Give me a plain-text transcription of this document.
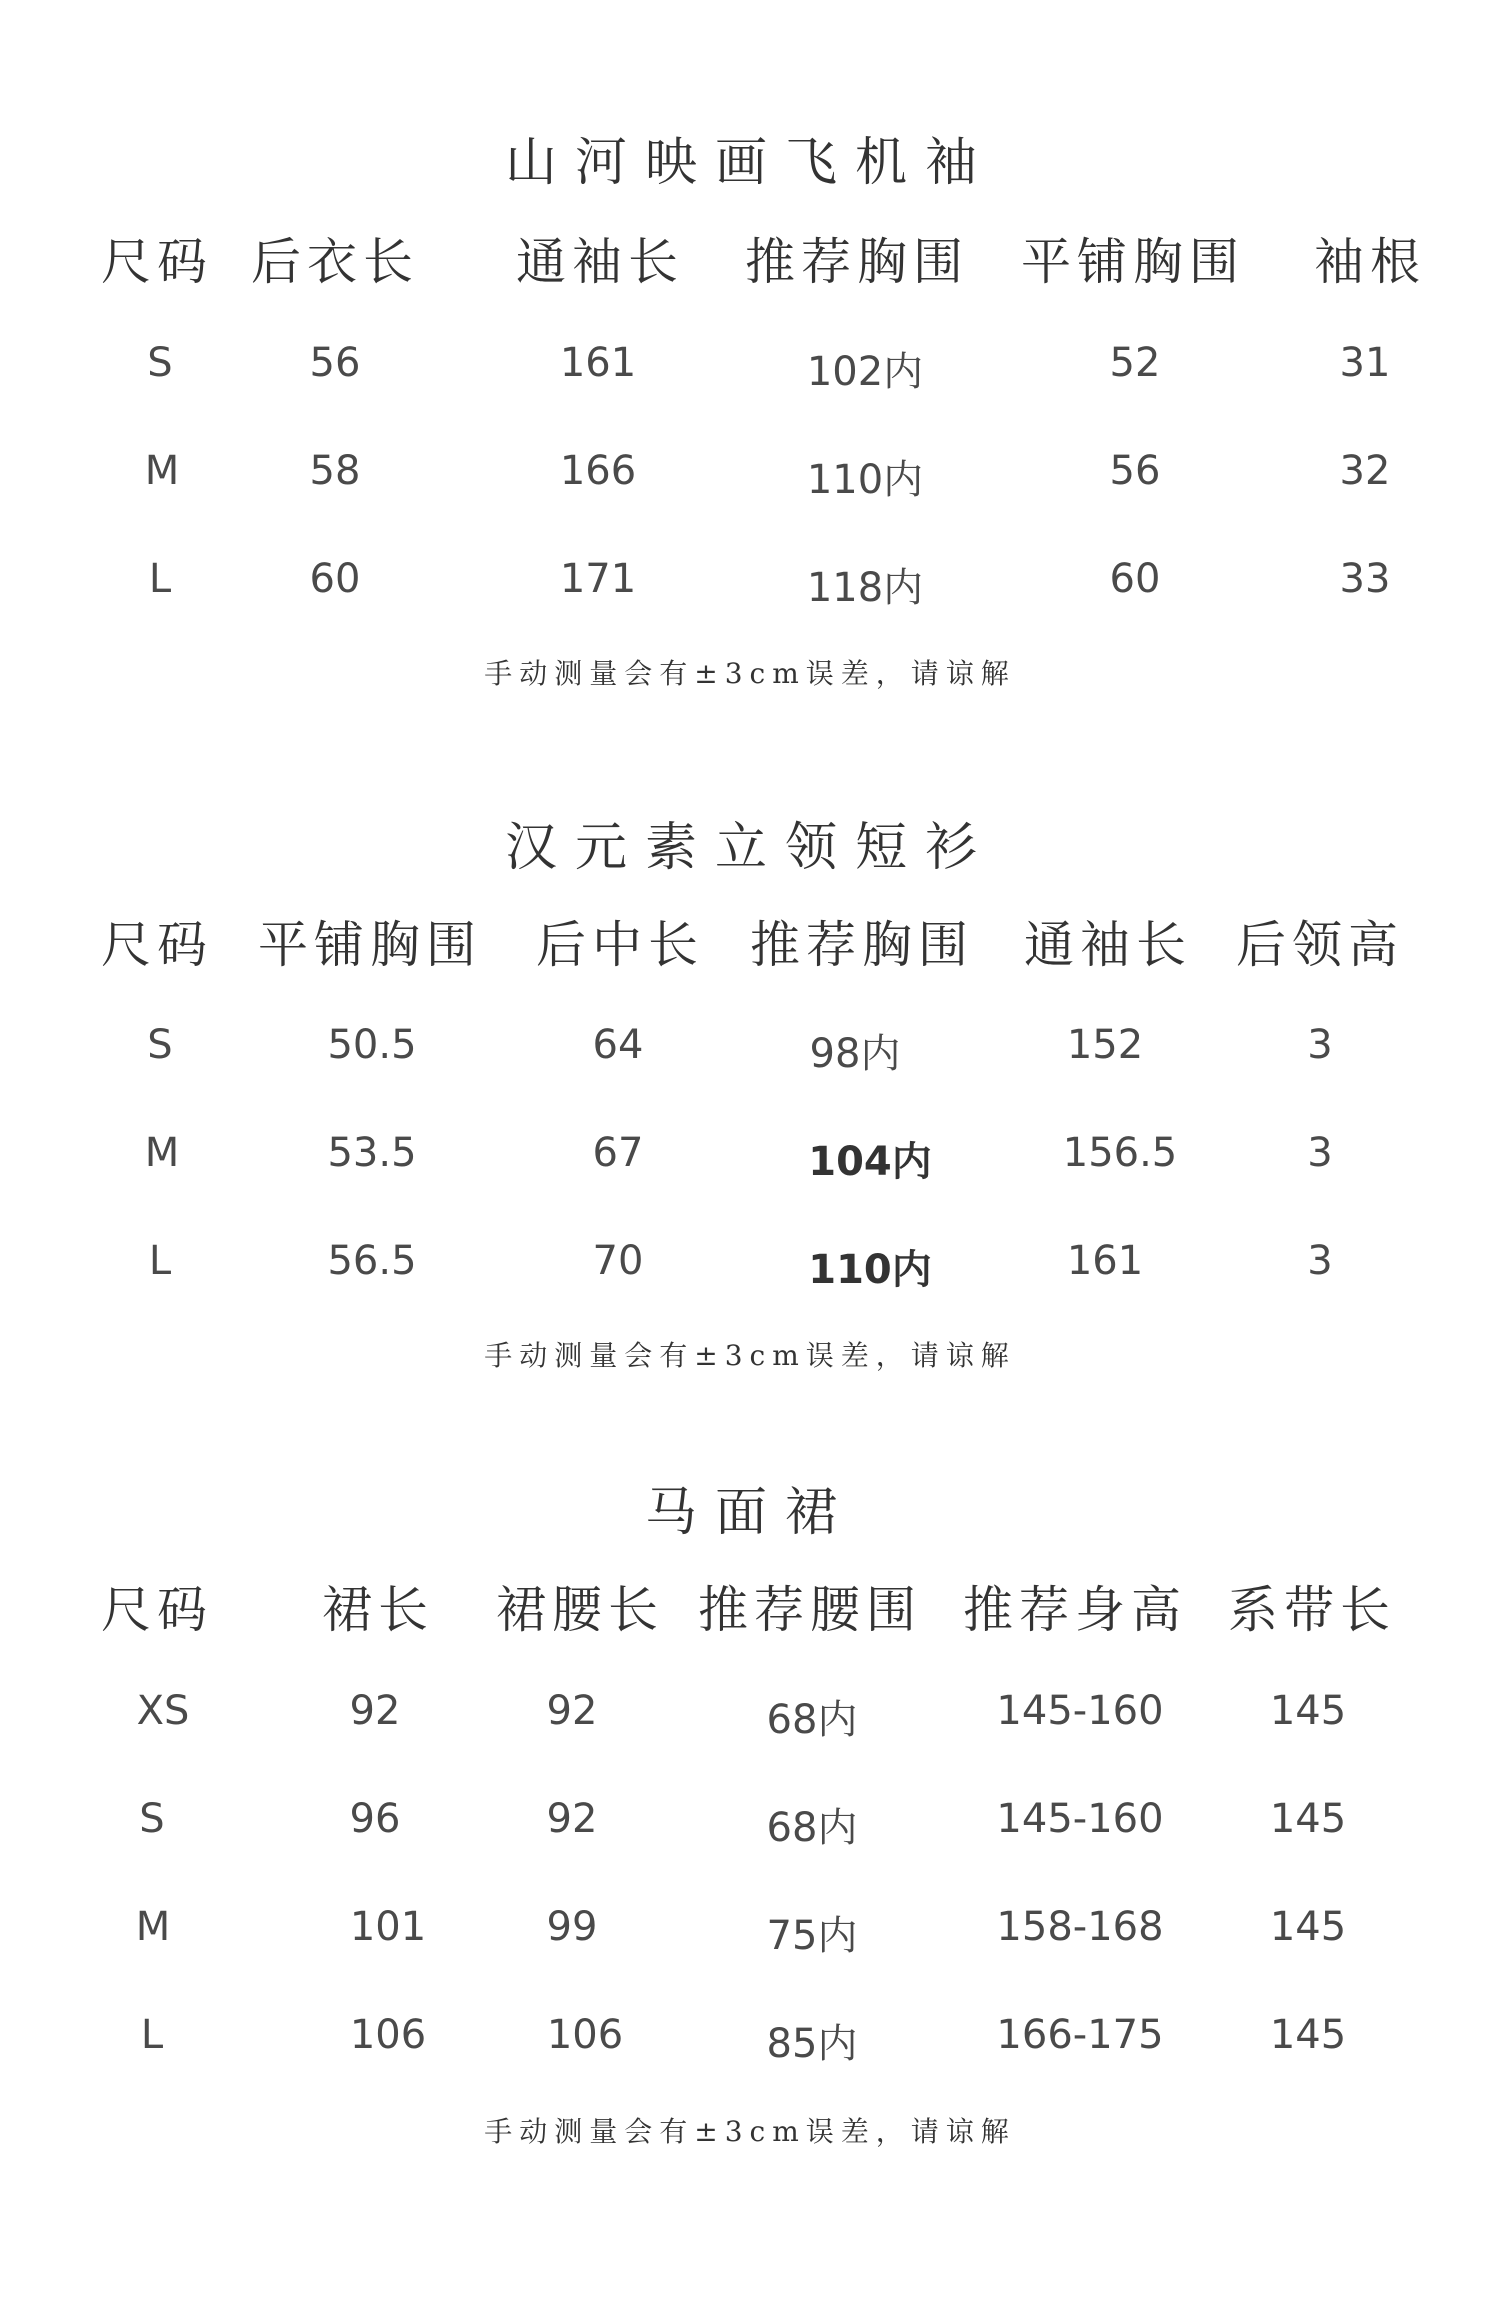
山河映画飞机袖
尺码 后衣长 通袖长 推荐胸围 平铺胸围 袖根
S	56	161	102内	52	31
M	58	166	110内	56	32
L	60	171	118内	60	33
手动测量会有±3cm误差，请谅解
汉元素立领短衫
尺码 平铺胸围 后中长 推荐胸围 通袖长 后领高
S	50.5	64	98内	152	3
M	53.5	67	104内	156.5	3
L	56.5	70	110内	161	3
手动测量会有±3cm误差，请谅解
马面裙
尺码 裙长 裙腰长 推荐腰围 推荐身高 系带长
XS	92	92	68内	145-160	145
S	96	92	68内	145-160	145
M	101	99	75内	158-168	145
L	106	106	85内	166-175	145
手动测量会有±3cm误差，请谅解
